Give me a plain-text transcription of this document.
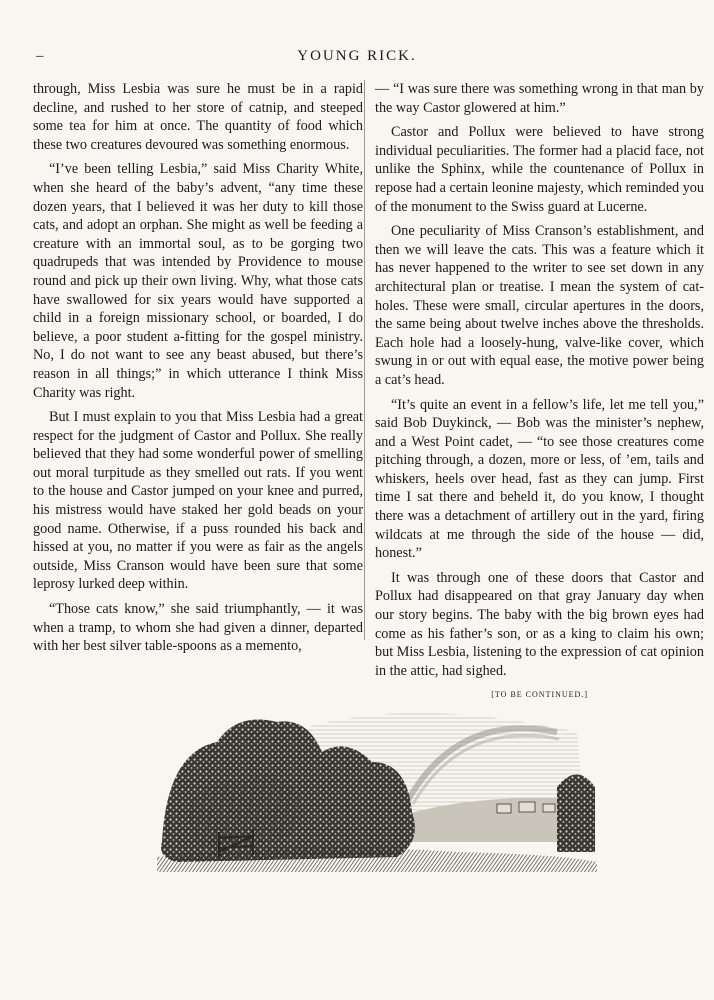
–	YOUNG RICK.

through, Miss Lesbia was sure he must be in a rapid decline, and rushed to her store of catnip, and steeped some tea for him at once. The quantity of food which these two creatures devoured was something enormous.

“I’ve been telling Lesbia,” said Miss Charity White, when she heard of the baby’s advent, “any time these dozen years, that I believed it was her duty to kill those cats, and adopt an orphan. She might as well be feeding a creature with an immortal soul, as to be gorging two quadrupeds that was intended by Providence to mouse round and pick up their own living. Why, what those cats have swallowed for six years would have supported a child in a foreign missionary school, or boarded, I do believe, a poor student a-fitting for the gospel ministry. No, I do not want to see any beast abused, but there’s reason in all things;” in which utterance I think Miss Charity was right.

But I must explain to you that Miss Lesbia had a great respect for the judgment of Castor and Pollux. She really believed that they had some wonderful power of smelling out moral turpitude as they smelled out rats. If you went to the house and Castor jumped on your knee and purred, his mistress would have staked her gold beads on your good name. Otherwise, if a puss rounded his back and hissed at you, no matter if you were as fair as the angels outside, Miss Cranson would have been sure that some leprosy lurked deep within.

“Those cats know,” she said triumphantly, — it was when a tramp, to whom she had given a dinner, departed with her best silver table-spoons as a memento,

— “I was sure there was something wrong in that man by the way Castor glowered at him.”

Castor and Pollux were believed to have strong individual peculiarities. The former had a placid face, not unlike the Sphinx, while the countenance of Pollux in repose had a certain leonine majesty, which reminded you of the monument to the Swiss guard at Lucerne.

One peculiarity of Miss Cranson’s establishment, and then we will leave the cats. This was a feature which it has never happened to the writer to see set down in any architectural plan or treatise. I mean the system of cat-holes. These were small, circular apertures in the doors, the same being about twelve inches above the thresholds. Each hole had a loosely-hung, valve-like cover, which swung in or out with equal ease, the motive power being a cat’s head.

“It’s quite an event in a fellow’s life, let me tell you,” said Bob Duykinck, — Bob was the minister’s nephew, and a West Point cadet, — “to see those creatures come pitching through, a dozen, more or less, of ’em, tails and whiskers, heels over head, fast as they can jump. First time I sat there and beheld it, do you know, I thought there was a detachment of artillery out in the yard, firing wildcats at me through the side of the house — did, honest.”

It was through one of these doors that Castor and Pollux had disappeared on that gray January day when our story begins. The baby with the big brown eyes had come as his father’s son, or as a king to claim his own; but Miss Lesbia, listening to the expression of cat opinion in the attic, had sighed.

[TO BE CONTINUED.]
